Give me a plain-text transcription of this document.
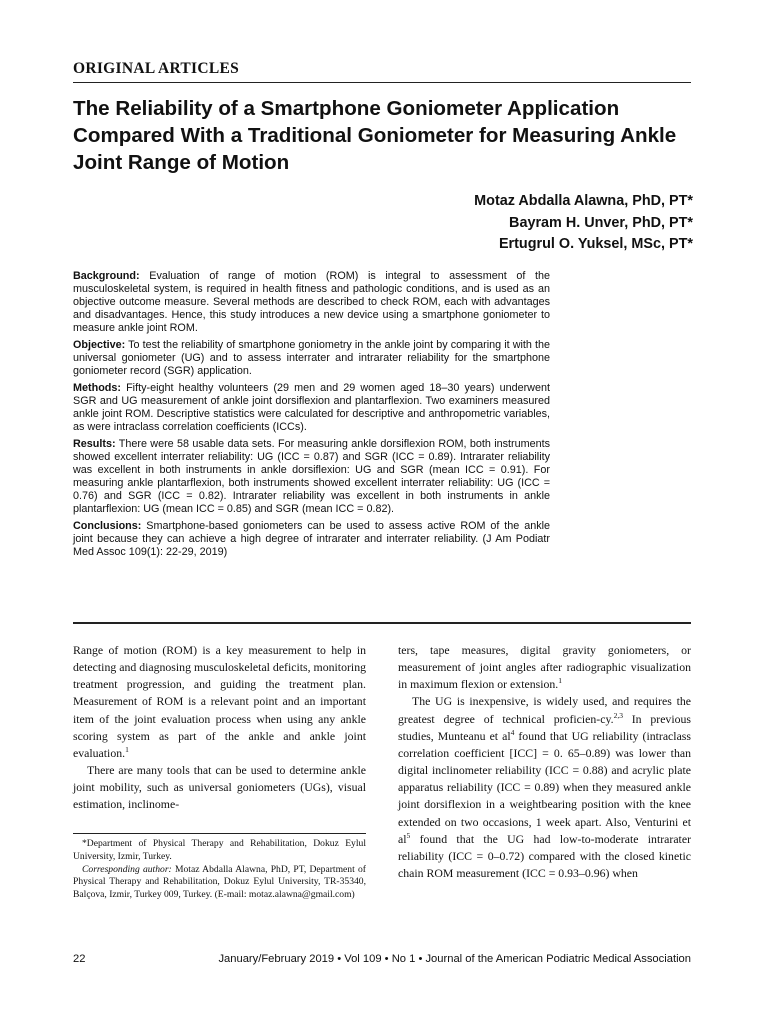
ORIGINAL ARTICLES
The Reliability of a Smartphone Goniometer Application Compared With a Traditional Goniometer for Measuring Ankle Joint Range of Motion
Motaz Abdalla Alawna, PhD, PT*
Bayram H. Unver, PhD, PT*
Ertugrul O. Yuksel, MSc, PT*

Background: Evaluation of range of motion (ROM) is integral to assessment of the musculoskeletal system, is required in health fitness and pathologic conditions, and is used as an objective outcome measure. Several methods are described to check ROM, each with advantages and disadvantages. Hence, this study introduces a new device using a smartphone goniometer to measure ankle joint ROM.

Objective: To test the reliability of smartphone goniometry in the ankle joint by comparing it with the universal goniometer (UG) and to assess interrater and intrarater reliability for the smartphone goniometer record (SGR) application.

Methods: Fifty-eight healthy volunteers (29 men and 29 women aged 18–30 years) underwent SGR and UG measurement of ankle joint dorsiflexion and plantarflexion. Two examiners measured ankle joint ROM. Descriptive statistics were calculated for descriptive and anthropometric variables, as were intraclass correlation coefficients (ICCs).

Results: There were 58 usable data sets. For measuring ankle dorsiflexion ROM, both instruments showed excellent interrater reliability: UG (ICC = 0.87) and SGR (ICC = 0.89). Intrarater reliability was excellent in both instruments in ankle dorsiflexion: UG and SGR (mean ICC = 0.91). For measuring ankle plantarflexion, both instruments showed excellent interrater reliability: UG (ICC = 0.76) and SGR (ICC = 0.82). Intrarater reliability was excellent in both instruments in ankle plantarflexion: UG (mean ICC = 0.85) and SGR (mean ICC = 0.82).

Conclusions: Smartphone-based goniometers can be used to assess active ROM of the ankle joint because they can achieve a high degree of intrarater and interrater reliability. (J Am Podiatr Med Assoc 109(1): 22-29, 2019)

Range of motion (ROM) is a key measurement to help in detecting and diagnosing musculoskeletal deficits, monitoring treatment progression, and guiding the treatment plan. Measurement of ROM is a relevant point and an important item of the joint evaluation process when using any ankle scoring system as part of the ankle and ankle joint evaluation.$^1$

There are many tools that can be used to determine ankle joint mobility, such as universal goniometers (UGs), visual estimation, inclinome-

*Department of Physical Therapy and Rehabilitation, Dokuz Eylul University, Izmir, Turkey.

Corresponding author: Motaz Abdalla Alawna, PhD, PT, Department of Physical Therapy and Rehabilitation, Dokuz Eylul University, TR-35340, Balçova, Izmir, Turkey 009, Turkey. (E-mail: motaz.alawna@gmail.com)

ters, tape measures, digital gravity goniometers, or measurement of joint angles after radiographic visualization in maximum flexion or extension.$^1$

The UG is inexpensive, is widely used, and requires the greatest degree of technical proficien-cy.$^{2,3}$ In previous studies, Munteanu et $al^4$ found that UG reliability (intraclass correlation coefficient [ICC] = 0. 65–0.89) was lower than digital inclinometer reliability (ICC = 0.88) and acrylic plate apparatus reliability (ICC = 0.89) when they measured ankle joint dorsiflexion in a weightbearing position with the knee extended on two occasions, 1 week apart. Also, Venturini et $al^5$ found that the UG had low-to-moderate intrarater reliability (ICC = 0–0.72) compared with the closed kinetic chain ROM measurement (ICC = 0.93–0.96) when

22	January/February 2019 • Vol 109 • No 1 • Journal of the American Podiatric Medical Association
